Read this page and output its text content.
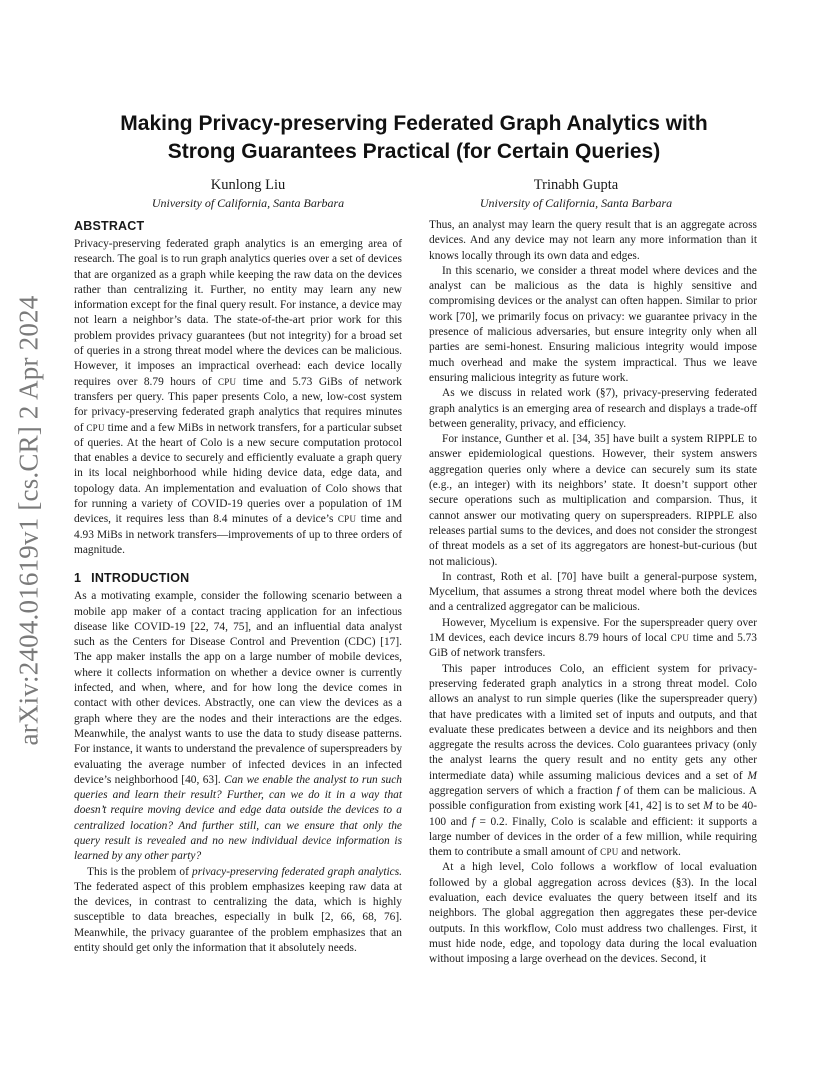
arXiv:2404.01619v1 [cs.CR] 2 Apr 2024
Making Privacy-preserving Federated Graph Analytics with
Strong Guarantees Practical (for Certain Queries)
Kunlong Liu
University of California, Santa Barbara
Trinabh Gupta
University of California, Santa Barbara
ABSTRACT

Privacy-preserving federated graph analytics is an emerging area of research. The goal is to run graph analytics queries over a set of devices that are organized as a graph while keeping the raw data on the devices rather than centralizing it. Further, no entity may learn any new information except for the final query result. For instance, a device may not learn a neighbor’s data. The state-of-the-art prior work for this problem provides privacy guarantees (but not integrity) for a broad set of queries in a strong threat model where the devices can be malicious. However, it imposes an impractical overhead: each device locally requires over 8.79 hours of CPU time and 5.73 GiBs of network transfers per query. This paper presents Colo, a new, low-cost system for privacy-preserving federated graph analytics that requires minutes of CPU time and a few MiBs in network transfers, for a particular subset of queries. At the heart of Colo is a new secure computation protocol that enables a device to securely and efficiently evaluate a graph query in its local neighborhood while hiding device data, edge data, and topology data. An implementation and evaluation of Colo shows that for running a variety of COVID-19 queries over a population of 1M devices, it requires less than 8.4 minutes of a device’s CPU time and 4.93 MiBs in network transfers—improvements of up to three orders of magnitude.

1 INTRODUCTION

As a motivating example, consider the following scenario between a mobile app maker of a contact tracing application for an infectious disease like COVID-19 [22, 74, 75], and an influential data analyst such as the Centers for Disease Control and Prevention (CDC) [17]. The app maker installs the app on a large number of mobile devices, where it collects information on whether a device owner is currently infected, and when, where, and for how long the device comes in contact with other devices. Abstractly, one can view the devices as a graph where they are the nodes and their interactions are the edges. Meanwhile, the analyst wants to use the data to study disease patterns. For instance, it wants to understand the prevalence of superspreaders by evaluating the average number of infected devices in an infected device’s neighborhood [40, 63]. Can we enable the analyst to run such queries and learn their result? Further, can we do it in a way that doesn’t require moving device and edge data outside the devices to a centralized location? And further still, can we ensure that only the query result is revealed and no new individual device information is learned by any other party?

This is the problem of privacy-preserving federated graph analytics. The federated aspect of this problem emphasizes keeping raw data at the devices, in contrast to centralizing the data, which is highly susceptible to data breaches, especially in bulk [2, 66, 68, 76]. Meanwhile, the privacy guarantee of the problem emphasizes that an entity should get only the information that it absolutely needs.

Thus, an analyst may learn the query result that is an aggregate across devices. And any device may not learn any more information than it knows locally through its own data and edges.

In this scenario, we consider a threat model where devices and the analyst can be malicious as the data is highly sensitive and compromising devices or the analyst can often happen. Similar to prior work [70], we primarily focus on privacy: we guarantee privacy in the presence of malicious adversaries, but ensure integrity only when all parties are semi-honest. Ensuring malicious integrity would impose much overhead and make the system impractical. Thus we leave ensuring malicious integrity as future work.

As we discuss in related work (§7), privacy-preserving federated graph analytics is an emerging area of research and displays a trade-off between generality, privacy, and efficiency.

For instance, Gunther et al. [34, 35] have built a system RIPPLE to answer epidemiological questions. However, their system answers aggregation queries only where a device can securely sum its state (e.g., an integer) with its neighbors’ state. It doesn’t support other secure operations such as multiplication and comparsion. Thus, it cannot answer our motivating query on superspreaders. RIPPLE also releases partial sums to the devices, and does not consider the strongest of threat models as a set of its aggregators are honest-but-curious (but not malicious).

In contrast, Roth et al. [70] have built a general-purpose system, Mycelium, that assumes a strong threat model where both the devices and a centralized aggregator can be malicious.

However, Mycelium is expensive. For the superspreader query over 1M devices, each device incurs 8.79 hours of local CPU time and 5.73 GiB of network transfers.

This paper introduces Colo, an efficient system for privacy-preserving federated graph analytics in a strong threat model. Colo allows an analyst to run simple queries (like the superspreader query) that have predicates with a limited set of inputs and outputs, and that evaluate these predicates between a device and its neighbors and then aggregate the results across the devices. Colo guarantees privacy (only the analyst learns the query result and no entity gets any other intermediate data) while assuming malicious devices and a set of M aggregation servers of which a fraction f of them can be malicious. A possible configuration from existing work [41, 42] is to set M to be 40-100 and f = 0.2. Finally, Colo is scalable and efficient: it supports a large number of devices in the order of a few million, while requiring them to contribute a small amount of CPU and network.

At a high level, Colo follows a workflow of local evaluation followed by a global aggregation across devices (§3). In the local evaluation, each device evaluates the query between itself and its neighbors. The global aggregation then aggregates these per-device outputs. In this workflow, Colo must address two challenges. First, it must hide node, edge, and topology data during the local evaluation without imposing a large overhead on the devices. Second, it
